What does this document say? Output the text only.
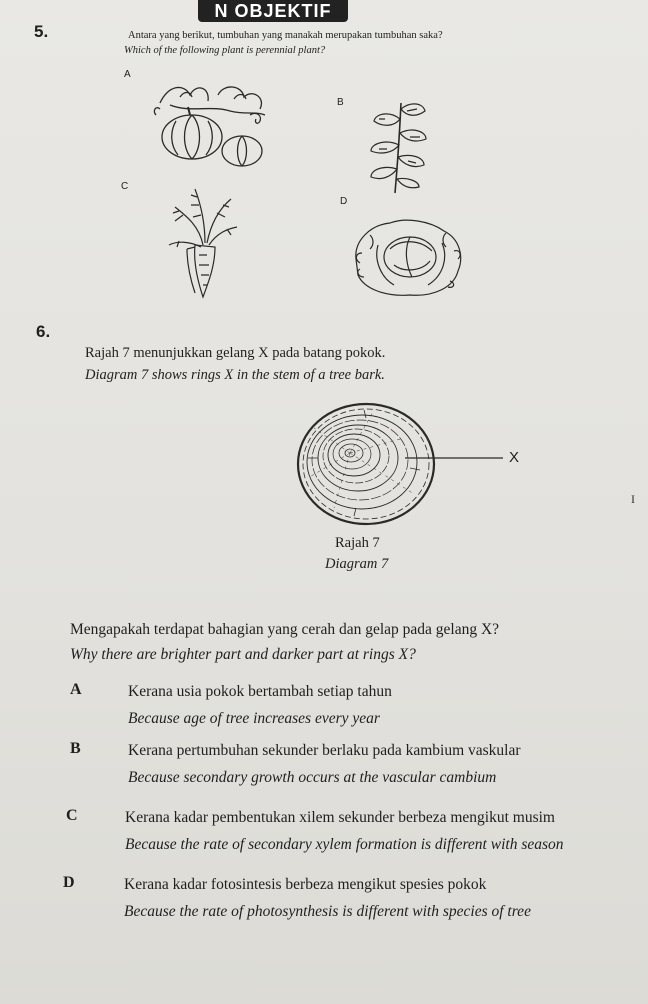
N OBJEKTIF
5.	Antara yang berikut, tumbuhan yang manakah merupakan tumbuhan saka?
Which of the following plant is perennial plant?
A
B
C
D
6.
Rajah 7 menunjukkan gelang X pada batang pokok.
Diagram 7 shows rings X in the stem of a tree bark.
X
I
Rajah 7
Diagram 7
Mengapakah terdapat bahagian yang cerah dan gelap pada gelang X?
Why there are brighter part and darker part at rings X?
A	Kerana usia pokok bertambah setiap tahun
Because age of tree increases every year
B	Kerana pertumbuhan sekunder berlaku pada kambium vaskular
Because secondary growth occurs at the vascular cambium
C	Kerana kadar pembentukan xilem sekunder berbeza mengikut musim
Because the rate of secondary xylem formation is different with season
D	Kerana kadar fotosintesis berbeza mengikut spesies pokok
Because the rate of photosynthesis is different with species of tree
